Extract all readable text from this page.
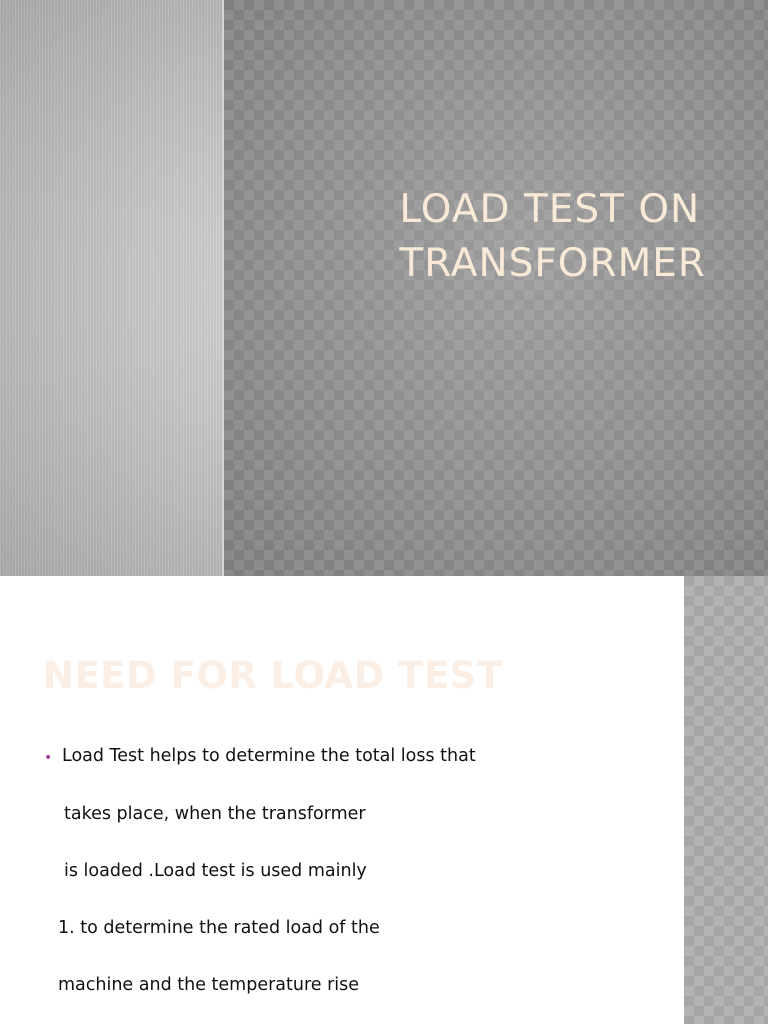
LOAD TEST ON
TRANSFORMER
NEED FOR LOAD TEST
• Load Test helps to determine the total loss that

takes place, when the transformer

is loaded .Load test is used mainly

1. to determine the rated load of the

machine and the temperature rise
